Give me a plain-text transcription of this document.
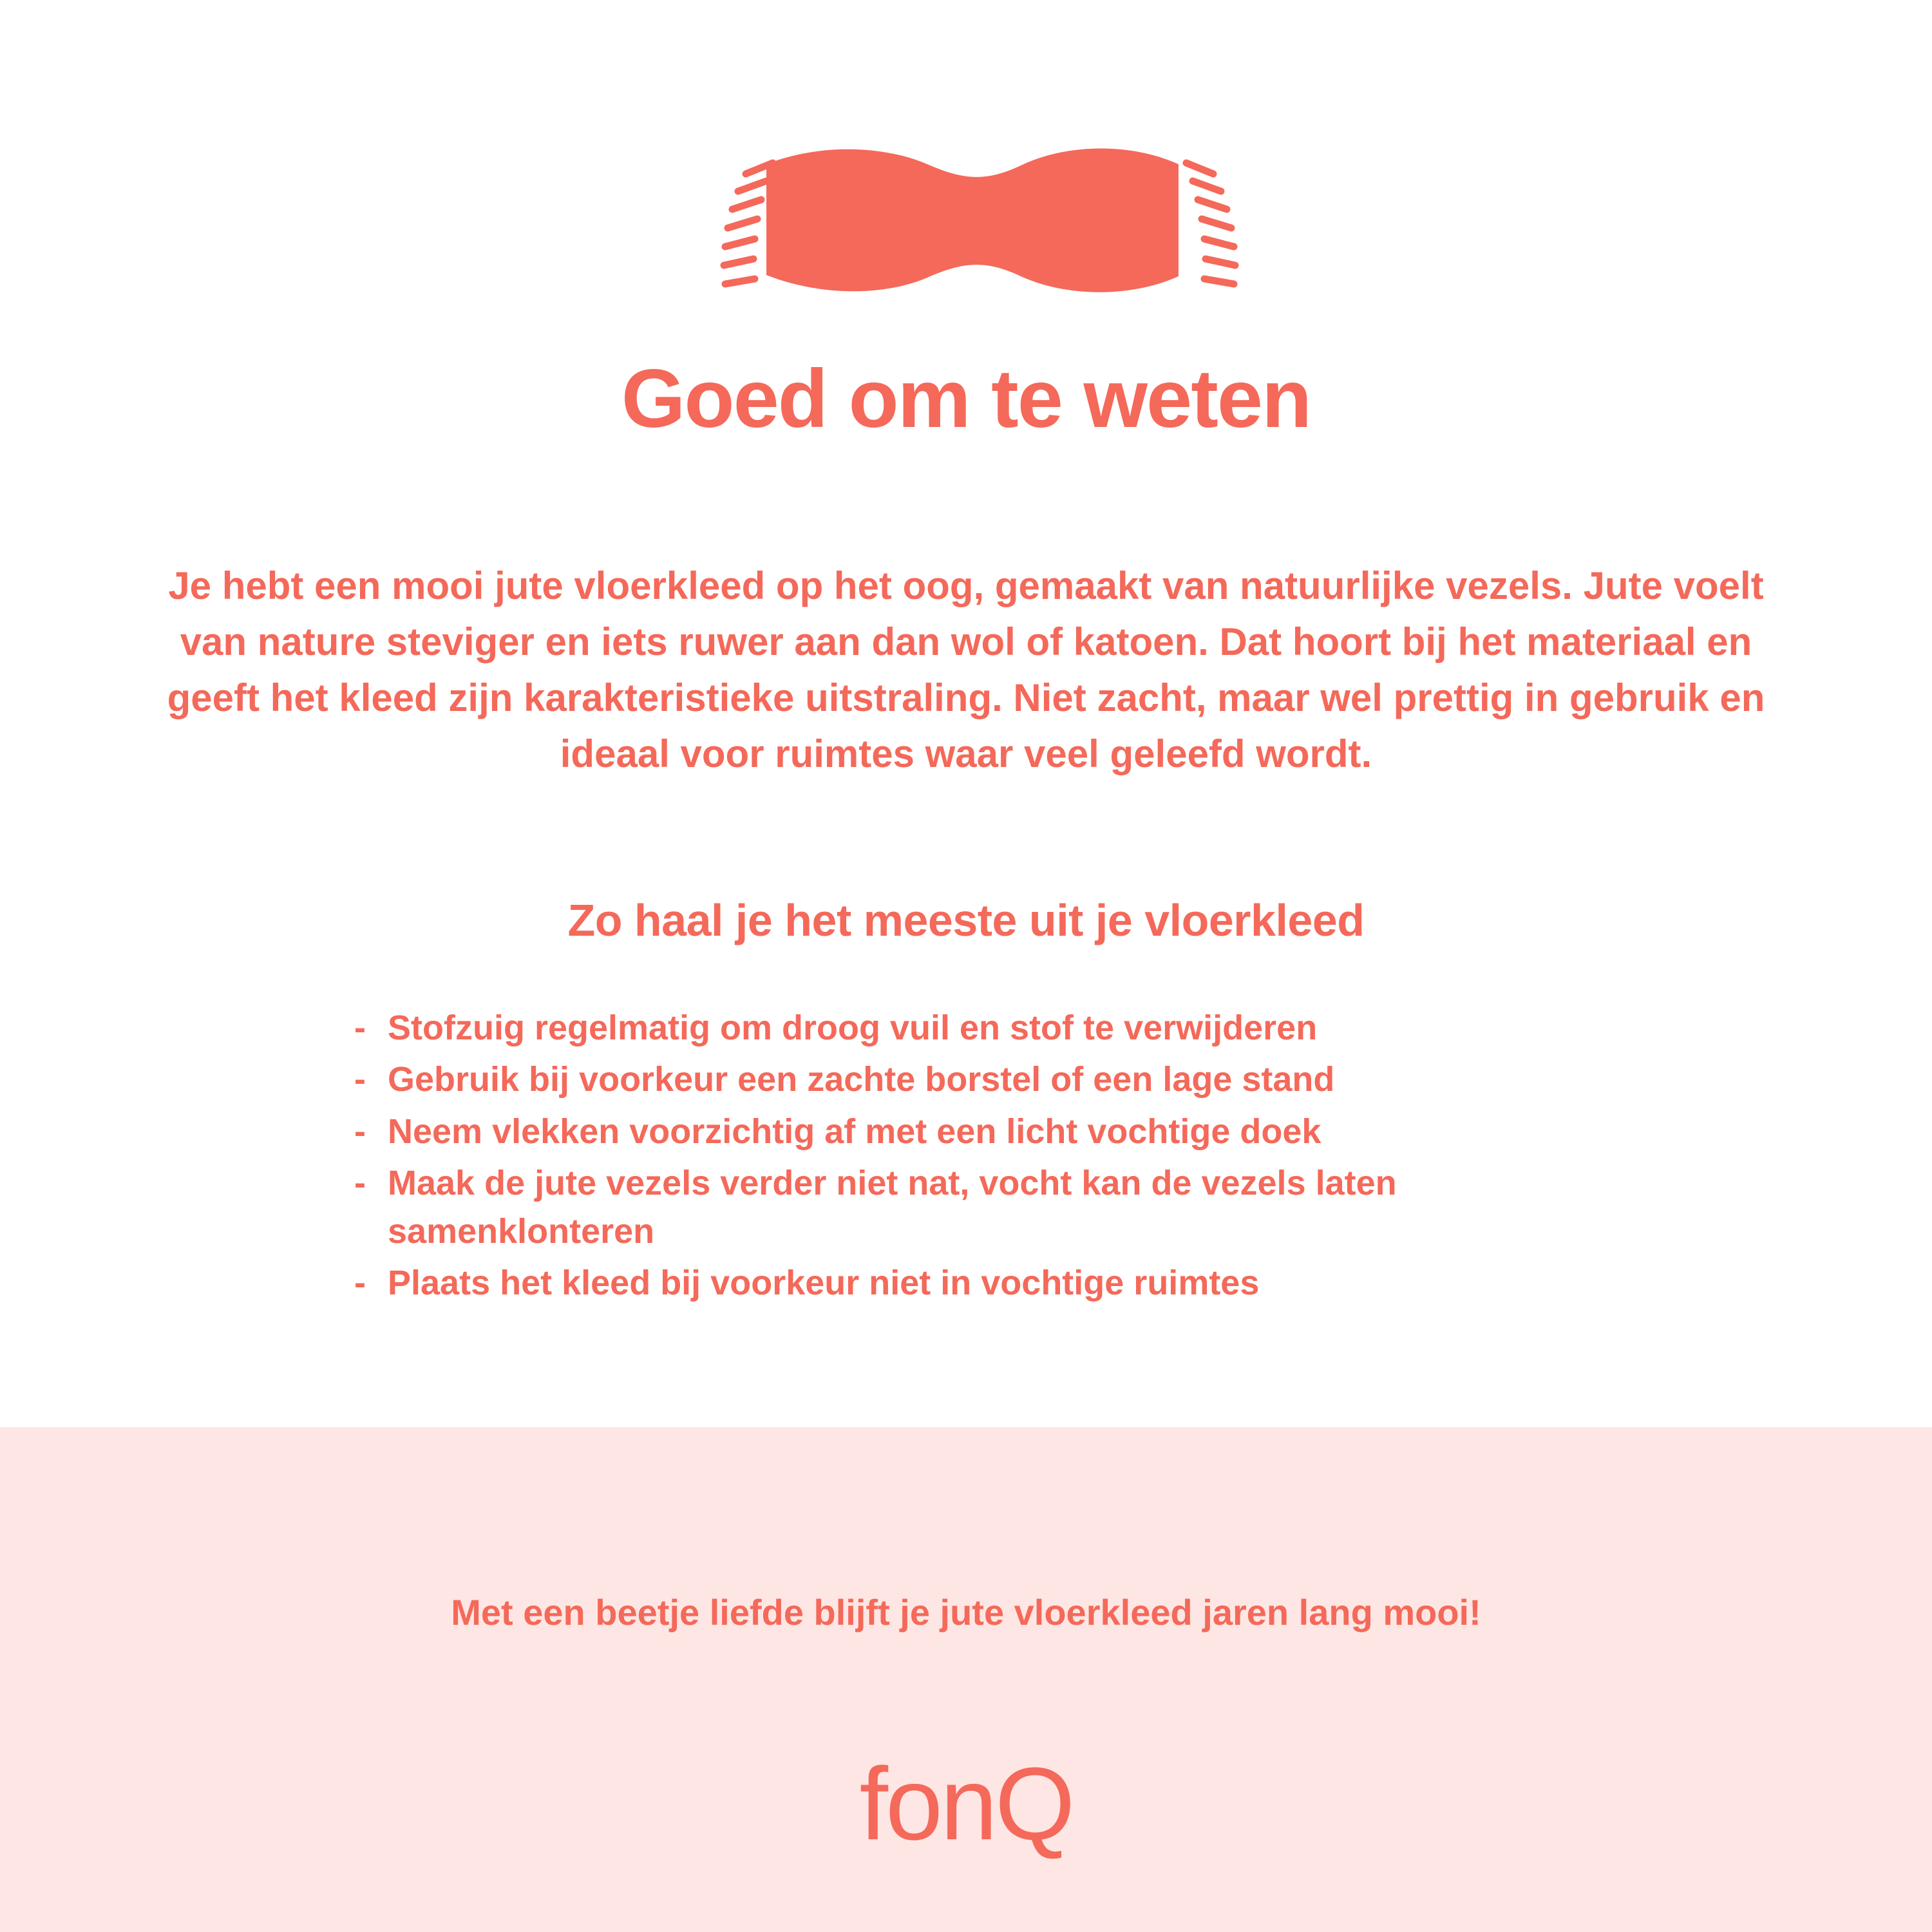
Goed om te weten

Je hebt een mooi jute vloerkleed op het oog, gemaakt van natuurlijke vezels. Jute voelt van nature steviger en iets ruwer aan dan wol of katoen. Dat hoort bij het materiaal en geeft het kleed zijn karakteristieke uitstraling. Niet zacht, maar wel prettig in gebruik en ideaal voor ruimtes waar veel geleefd wordt.

Zo haal je het meeste uit je vloerkleed
- Stofzuig regelmatig om droog vuil en stof te verwijderen
- Gebruik bij voorkeur een zachte borstel of een lage stand
- Neem vlekken voorzichtig af met een licht vochtige doek
- Maak de jute vezels verder niet nat, vocht kan de vezels laten samenklonteren
- Plaats het kleed bij voorkeur niet in vochtige ruimtes

Met een beetje liefde blijft je jute vloerkleed jaren lang mooi!

fonQ
